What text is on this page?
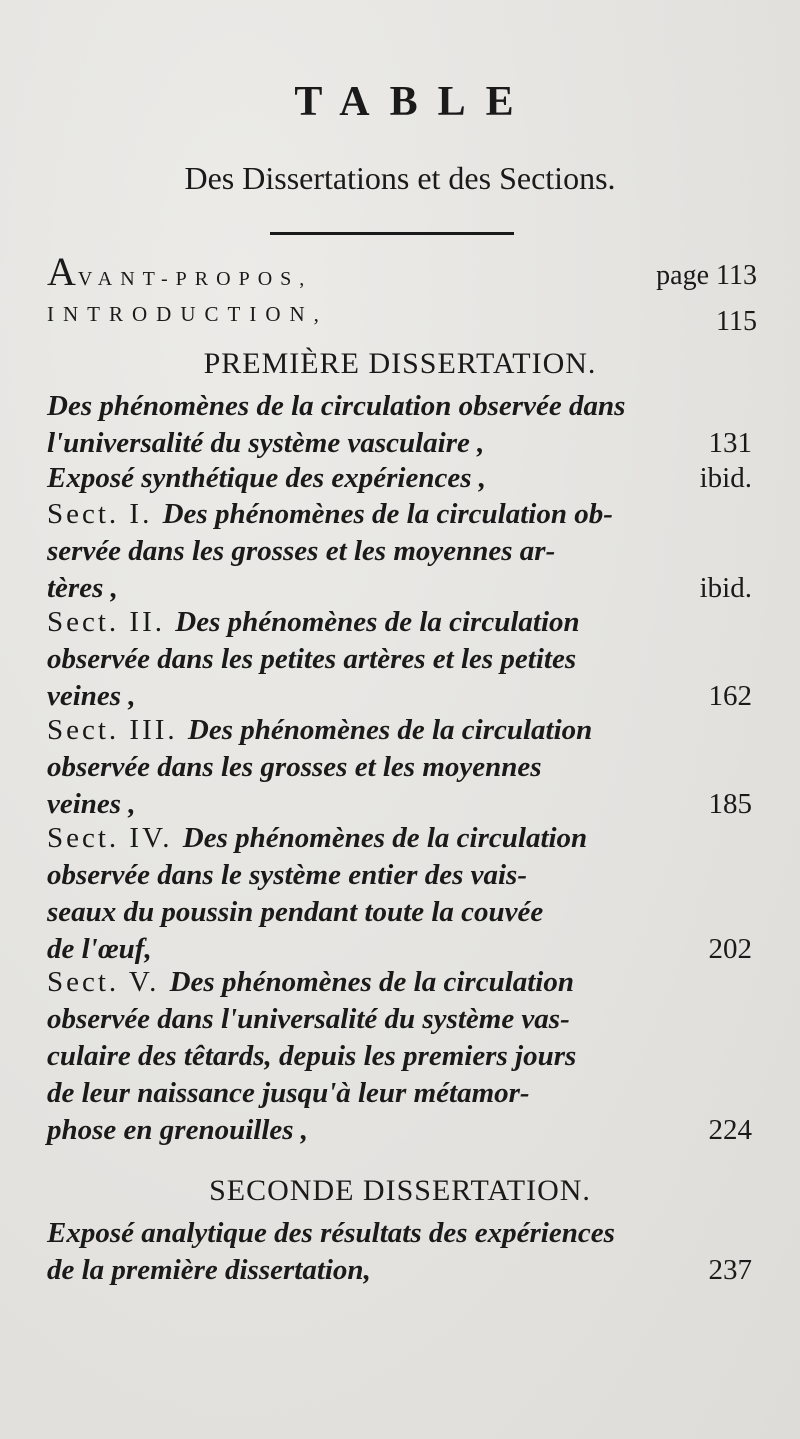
TABLE
Des Dissertations et des Sections.
AVANT-PROPOS,	page 113
INTRODUCTION,	115
PREMIÈRE DISSERTATION.
Des phénomènes de la circulation observée dans
l'universalité du système vasculaire ,	131
Exposé synthétique des expériences ,	ibid.
Sect. I. Des phénomènes de la circulation ob-
servée dans les grosses et les moyennes ar-
tères ,	ibid.
Sect. II. Des phénomènes de la circulation
observée dans les petites artères et les petites
veines ,	162
Sect. III. Des phénomènes de la circulation
observée dans les grosses et les moyennes
veines ,	185
Sect. IV. Des phénomènes de la circulation
observée dans le système entier des vais-
seaux du poussin pendant toute la couvée
de l'œuf,	202
Sect. V. Des phénomènes de la circulation
observée dans l'universalité du système vas-
culaire des têtards, depuis les premiers jours
de leur naissance jusqu'à leur métamor-
phose en grenouilles ,	224
SECONDE DISSERTATION.
Exposé analytique des résultats des expériences
de la première dissertation,	237
